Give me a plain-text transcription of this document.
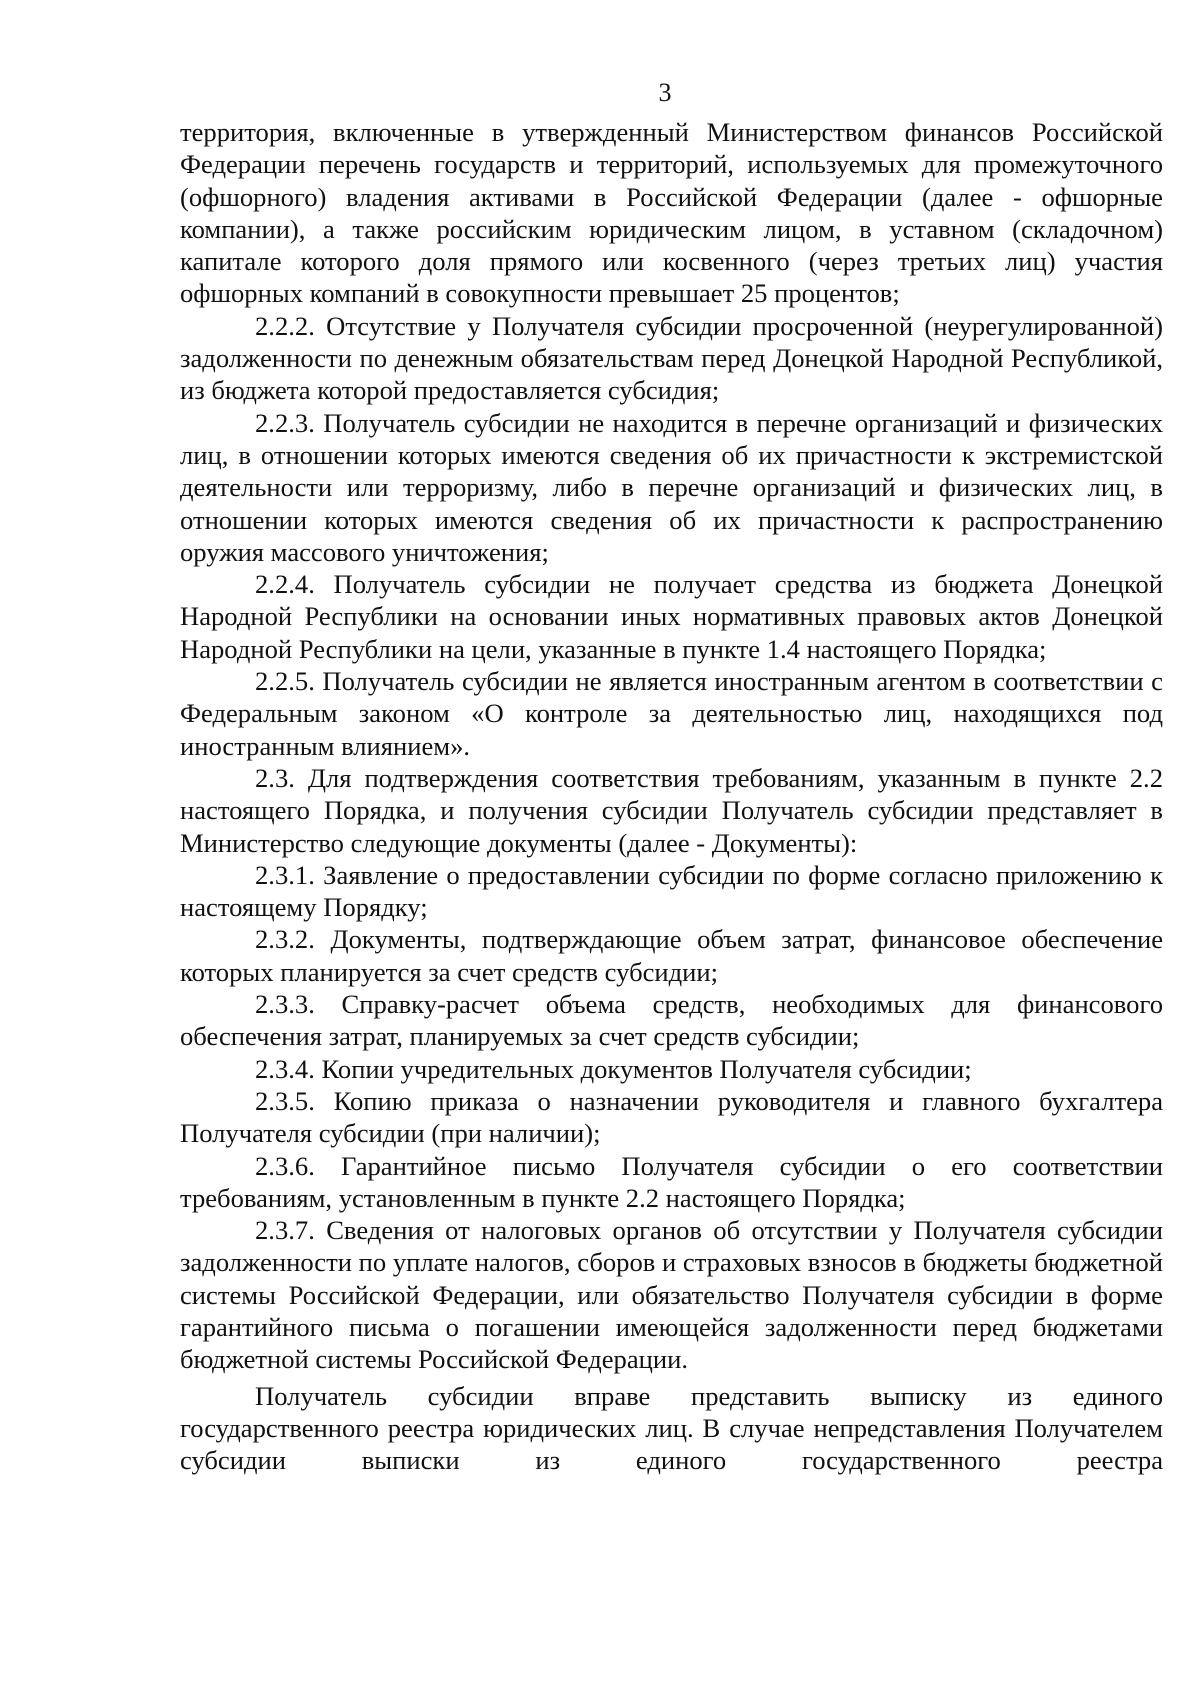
3

территория, включенные в утвержденный Министерством финансов Российской Федерации перечень государств и территорий, используемых для промежуточного (офшорного) владения активами в Российской Федерации (далее - офшорные компании), а также российским юридическим лицом, в уставном (складочном) капитале которого доля прямого или косвенного (через третьих лиц) участия офшорных компаний в совокупности превышает 25 процентов;

2.2.2. Отсутствие у Получателя субсидии просроченной (неурегулированной) задолженности по денежным обязательствам перед Донецкой Народной Республикой, из бюджета которой предоставляется субсидия;

2.2.3. Получатель субсидии не находится в перечне организаций и физических лиц, в отношении которых имеются сведения об их причастности к экстремистской деятельности или терроризму, либо в перечне организаций и физических лиц, в отношении которых имеются сведения об их причастности к распространению оружия массового уничтожения;

2.2.4. Получатель субсидии не получает средства из бюджета Донецкой Народной Республики на основании иных нормативных правовых актов Донецкой Народной Республики на цели, указанные в пункте 1.4 настоящего Порядка;

2.2.5. Получатель субсидии не является иностранным агентом в соответствии с Федеральным законом «О контроле за деятельностью лиц, находящихся под иностранным влиянием».

2.3. Для подтверждения соответствия требованиям, указанным в пункте 2.2 настоящего Порядка, и получения субсидии Получатель субсидии представляет в Министерство следующие документы (далее - Документы):

2.3.1. Заявление о предоставлении субсидии по форме согласно приложению к настоящему Порядку;

2.3.2. Документы, подтверждающие объем затрат, финансовое обеспечение которых планируется за счет средств субсидии;

2.3.3. Справку-расчет объема средств, необходимых для финансового обеспечения затрат, планируемых за счет средств субсидии;

2.3.4. Копии учредительных документов Получателя субсидии;

2.3.5. Копию приказа о назначении руководителя и главного бухгалтера Получателя субсидии (при наличии);

2.3.6. Гарантийное письмо Получателя субсидии о его соответствии требованиям, установленным в пункте 2.2 настоящего Порядка;

2.3.7. Сведения от налоговых органов об отсутствии у Получателя субсидии задолженности по уплате налогов, сборов и страховых взносов в бюджеты бюджетной системы Российской Федерации, или обязательство Получателя субсидии в форме гарантийного письма о погашении имеющейся задолженности перед бюджетами бюджетной системы Российской Федерации.

Получатель субсидии вправе представить выписку из единого государственного реестра юридических лиц. В случае непредставления Получателем субсидии выписки из единого государственного реестра
